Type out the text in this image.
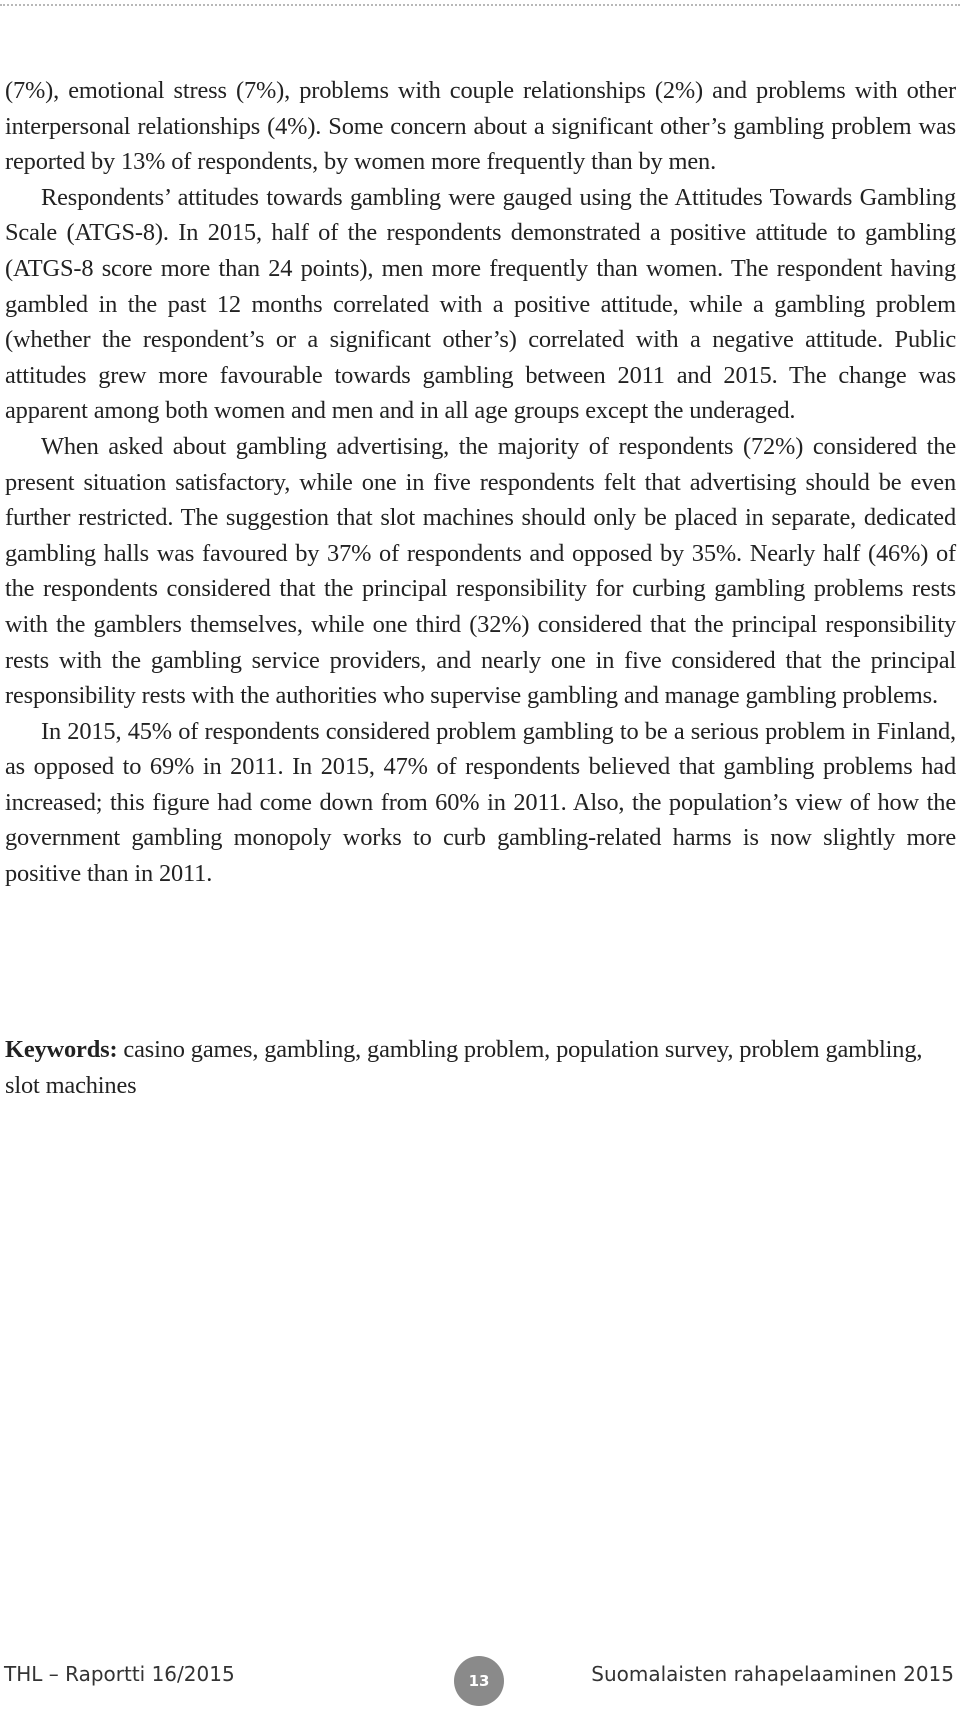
(7%), emotional stress (7%), problems with couple relationships (2%) and problems with other interpersonal relationships (4%). Some concern about a significant other’s gambling problem was reported by 13% of respondents, by women more frequently than by men.

Respondents’ attitudes towards gambling were gauged using the Attitudes Towards Gambling Scale (ATGS-8). In 2015, half of the respondents demonstrated a positive attitude to gambling (ATGS-8 score more than 24 points), men more frequently than women. The respondent having gambled in the past 12 months correlated with a positive attitude, while a gambling problem (whether the respondent’s or a significant other’s) correlated with a negative attitude. Public attitudes grew more favourable towards gambling between 2011 and 2015. The change was apparent among both women and men and in all age groups except the underaged.

When asked about gambling advertising, the majority of respondents (72%) considered the present situation satisfactory, while one in five respondents felt that advertising should be even further restricted. The suggestion that slot machines should only be placed in separate, dedicated gambling halls was favoured by 37% of respondents and opposed by 35%. Nearly half (46%) of the respondents considered that the principal responsibility for curbing gambling problems rests with the gamblers themselves, while one third (32%) considered that the principal responsibility rests with the gambling service providers, and nearly one in five considered that the principal responsibility rests with the authorities who supervise gambling and manage gambling problems.

In 2015, 45% of respondents considered problem gambling to be a serious problem in Finland, as opposed to 69% in 2011. In 2015, 47% of respondents believed that gambling problems had increased; this figure had come down from 60% in 2011. Also, the population’s view of how the government gambling monopoly works to curb gambling-related harms is now slightly more positive than in 2011.

Keywords: casino games, gambling, gambling problem, population survey, problem gambling, slot machines

THL – Raportti 16/2015	13	Suomalaisten rahapelaaminen 2015
